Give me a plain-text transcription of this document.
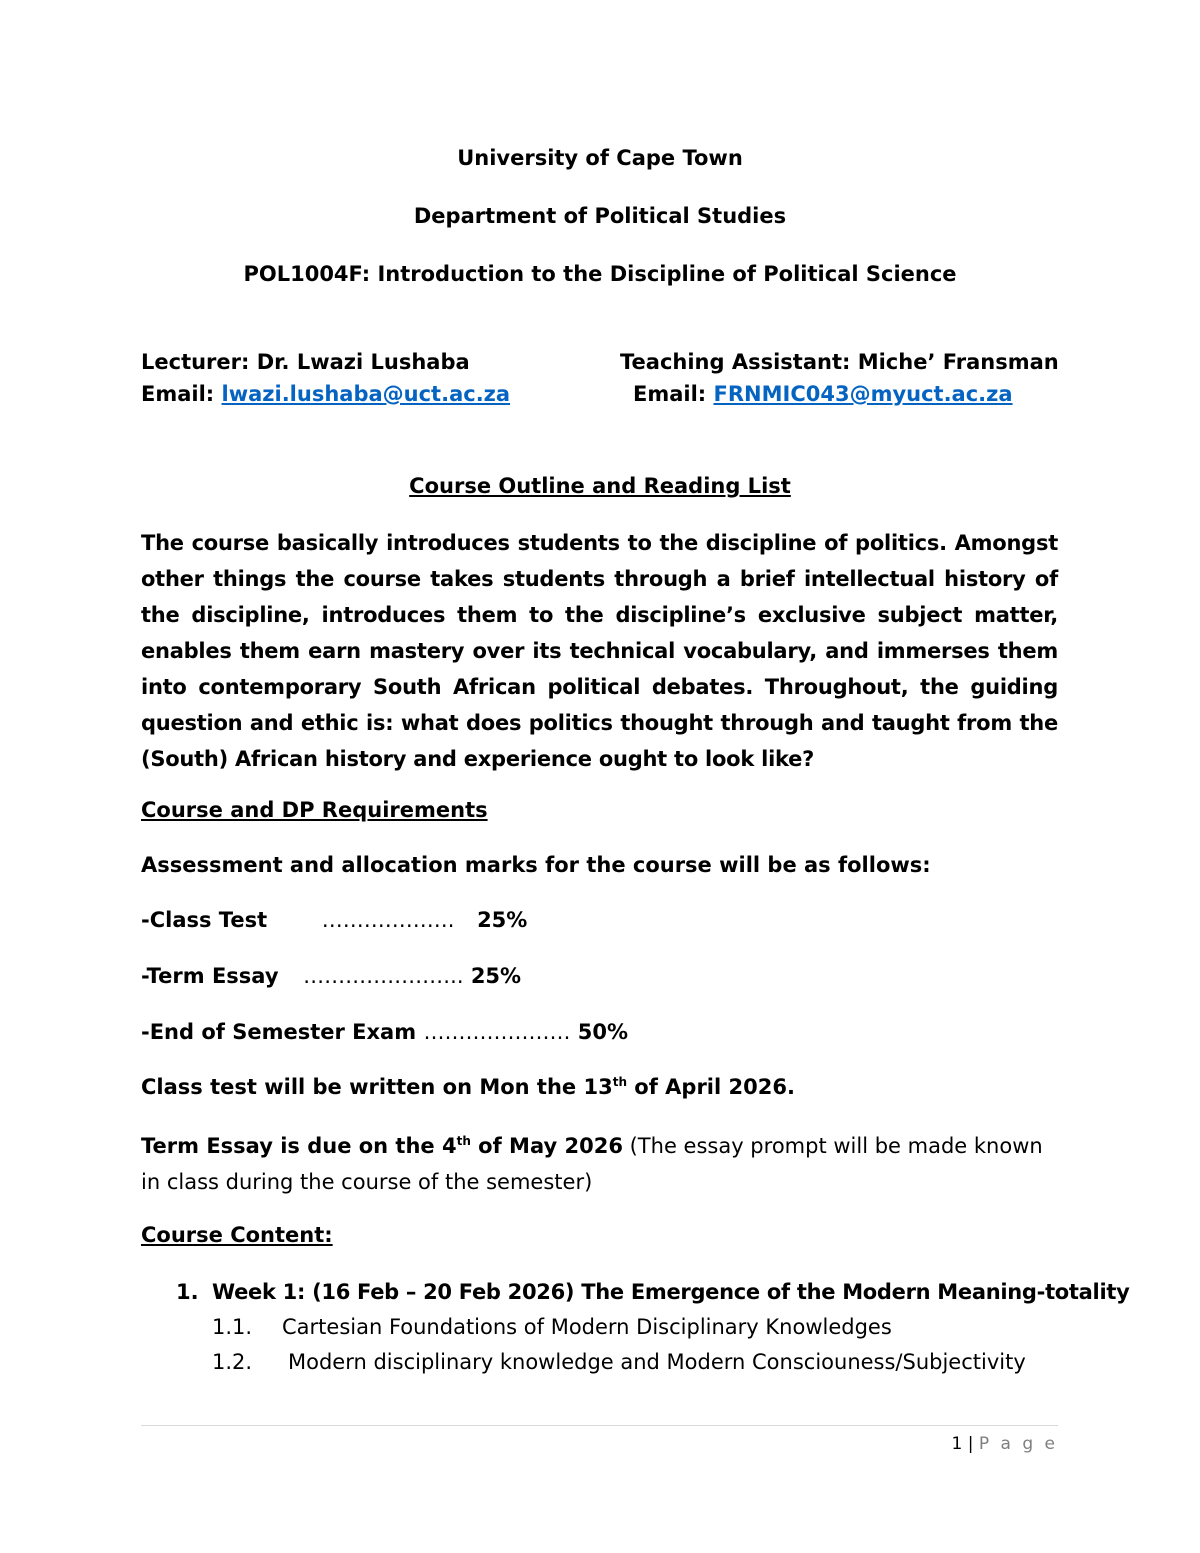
University of Cape Town
Department of Political Studies
POL1004F: Introduction to the Discipline of Political Science
Lecturer: Dr. Lwazi Lushaba
Email: lwazi.lushaba@uct.ac.za
Teaching Assistant: Miche’ Fransman
Email: FRNMIC043@myuct.ac.za
Course Outline and Reading List
The course basically introduces students to the discipline of politics. Amongst other things the course takes students through a brief intellectual history of the discipline, introduces them to the discipline’s exclusive subject matter, enables them earn mastery over its technical vocabulary, and immerses them into contemporary South African political debates. Throughout, the guiding question and ethic is: what does politics thought through and taught from the (South) African history and experience ought to look like?
Course and DP Requirements
Assessment and allocation marks for the course will be as follows:
-Class Test	………………. 25%
-Term Essay ………………….. 25%
-End of Semester Exam ………………… 50%
Class test will be written on Mon the 13th of April 2026.
Term Essay is due on the 4th of May 2026 (The essay prompt will be made known in class during the course of the semester)
Course Content:
1. Week 1: (16 Feb – 20 Feb 2026) The Emergence of the Modern Meaning-totality
1.1. Cartesian Foundations of Modern Disciplinary Knowledges
1.2. Modern disciplinary knowledge and Modern Consciouness/Subjectivity
1 | P a g e
